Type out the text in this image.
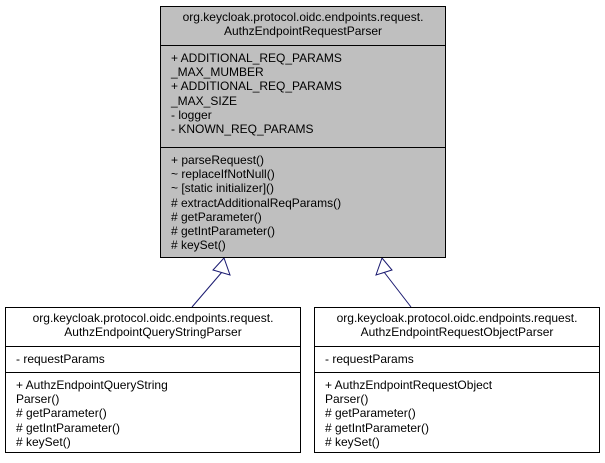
org.keycloak.protocol.oidc.endpoints.request.
AuthzEndpointRequestParser
+ ADDITIONAL_REQ_PARAMS
_MAX_MUMBER
+ ADDITIONAL_REQ_PARAMS
_MAX_SIZE
- logger
- KNOWN_REQ_PARAMS
+ parseRequest()
~ replaceIfNotNull()
~ [static initializer]()
# extractAdditionalReqParams()
# getParameter()
# getIntParameter()
# keySet()
org.keycloak.protocol.oidc.endpoints.request.
AuthzEndpointQueryStringParser
- requestParams
+ AuthzEndpointQueryString
Parser()
# getParameter()
# getIntParameter()
# keySet()
org.keycloak.protocol.oidc.endpoints.request.
AuthzEndpointRequestObjectParser
- requestParams
+ AuthzEndpointRequestObject
Parser()
# getParameter()
# getIntParameter()
# keySet()
